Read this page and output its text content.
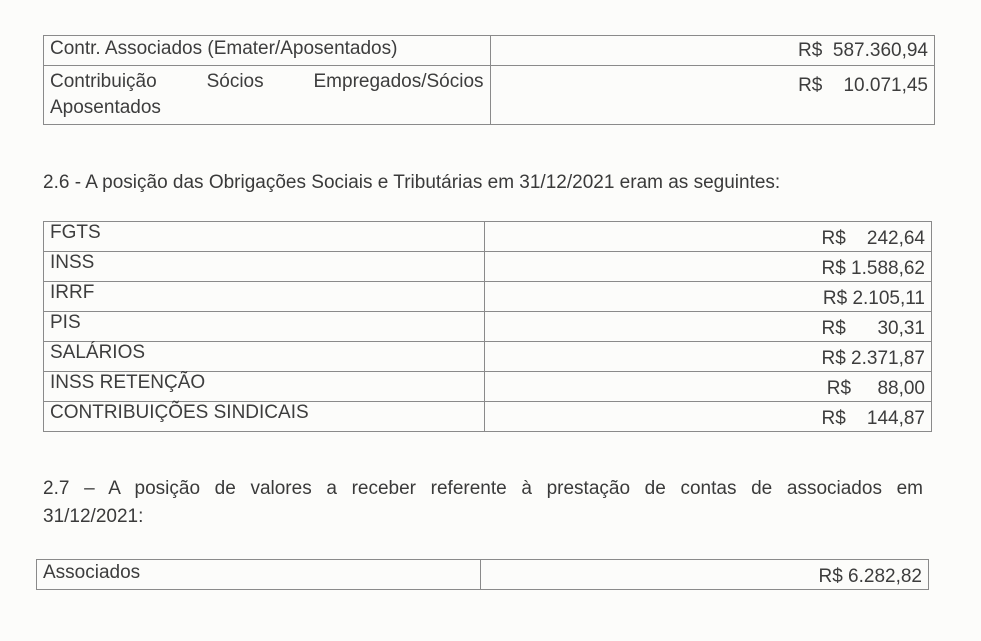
Contr. Associados (Emater/Aposentados)	R$  587.360,94

Contribuição Sócios Empregados/Sócios
Aposentados	R$    10.071,45

2.6 - A posição das Obrigações Sociais e Tributárias em 31/12/2021 eram as seguintes:

FGTS	R$    242,64
INSS	R$ 1.588,62
IRRF	R$ 2.105,11
PIS	R$      30,31
SALÁRIOS	R$ 2.371,87
INSS RETENÇÃO	R$     88,00
CONTRIBUIÇÕES SINDICAIS	R$    144,87
2.7 – A posição de valores a receber referente à prestação de contas de associados em
31/12/2021:
Associados	R$ 6.282,82
